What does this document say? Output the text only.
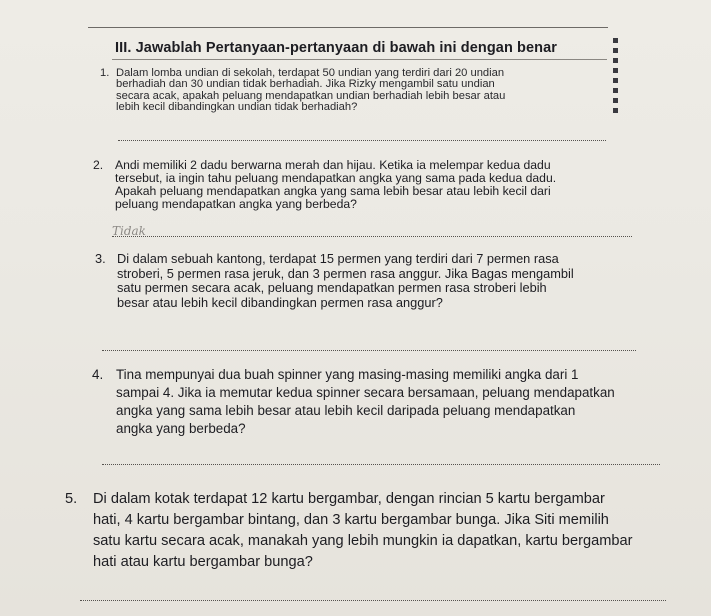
III. Jawablah Pertanyaan-pertanyaan di bawah ini dengan benar
1. Dalam lomba undian di sekolah, terdapat 50 undian yang terdiri dari 20 undian
berhadiah dan 30 undian tidak berhadiah. Jika Rizky mengambil satu undian
secara acak, apakah peluang mendapatkan undian berhadiah lebih besar atau
lebih kecil dibandingkan undian tidak berhadiah?
2. Andi memiliki 2 dadu berwarna merah dan hijau. Ketika ia melempar kedua dadu
tersebut, ia ingin tahu peluang mendapatkan angka yang sama pada kedua dadu.
Apakah peluang mendapatkan angka yang sama lebih besar atau lebih kecil dari
peluang mendapatkan angka yang berbeda?
Tidak
3. Di dalam sebuah kantong, terdapat 15 permen yang terdiri dari 7 permen rasa
stroberi, 5 permen rasa jeruk, dan 3 permen rasa anggur. Jika Bagas mengambil
satu permen secara acak, peluang mendapatkan permen rasa stroberi lebih
besar atau lebih kecil dibandingkan permen rasa anggur?
4. Tina mempunyai dua buah spinner yang masing-masing memiliki angka dari 1
sampai 4. Jika ia memutar kedua spinner secara bersamaan, peluang mendapatkan
angka yang sama lebih besar atau lebih kecil daripada peluang mendapatkan
angka yang berbeda?
5. Di dalam kotak terdapat 12 kartu bergambar, dengan rincian 5 kartu bergambar
hati, 4 kartu bergambar bintang, dan 3 kartu bergambar bunga. Jika Siti memilih
satu kartu secara acak, manakah yang lebih mungkin ia dapatkan, kartu bergambar
hati atau kartu bergambar bunga?
